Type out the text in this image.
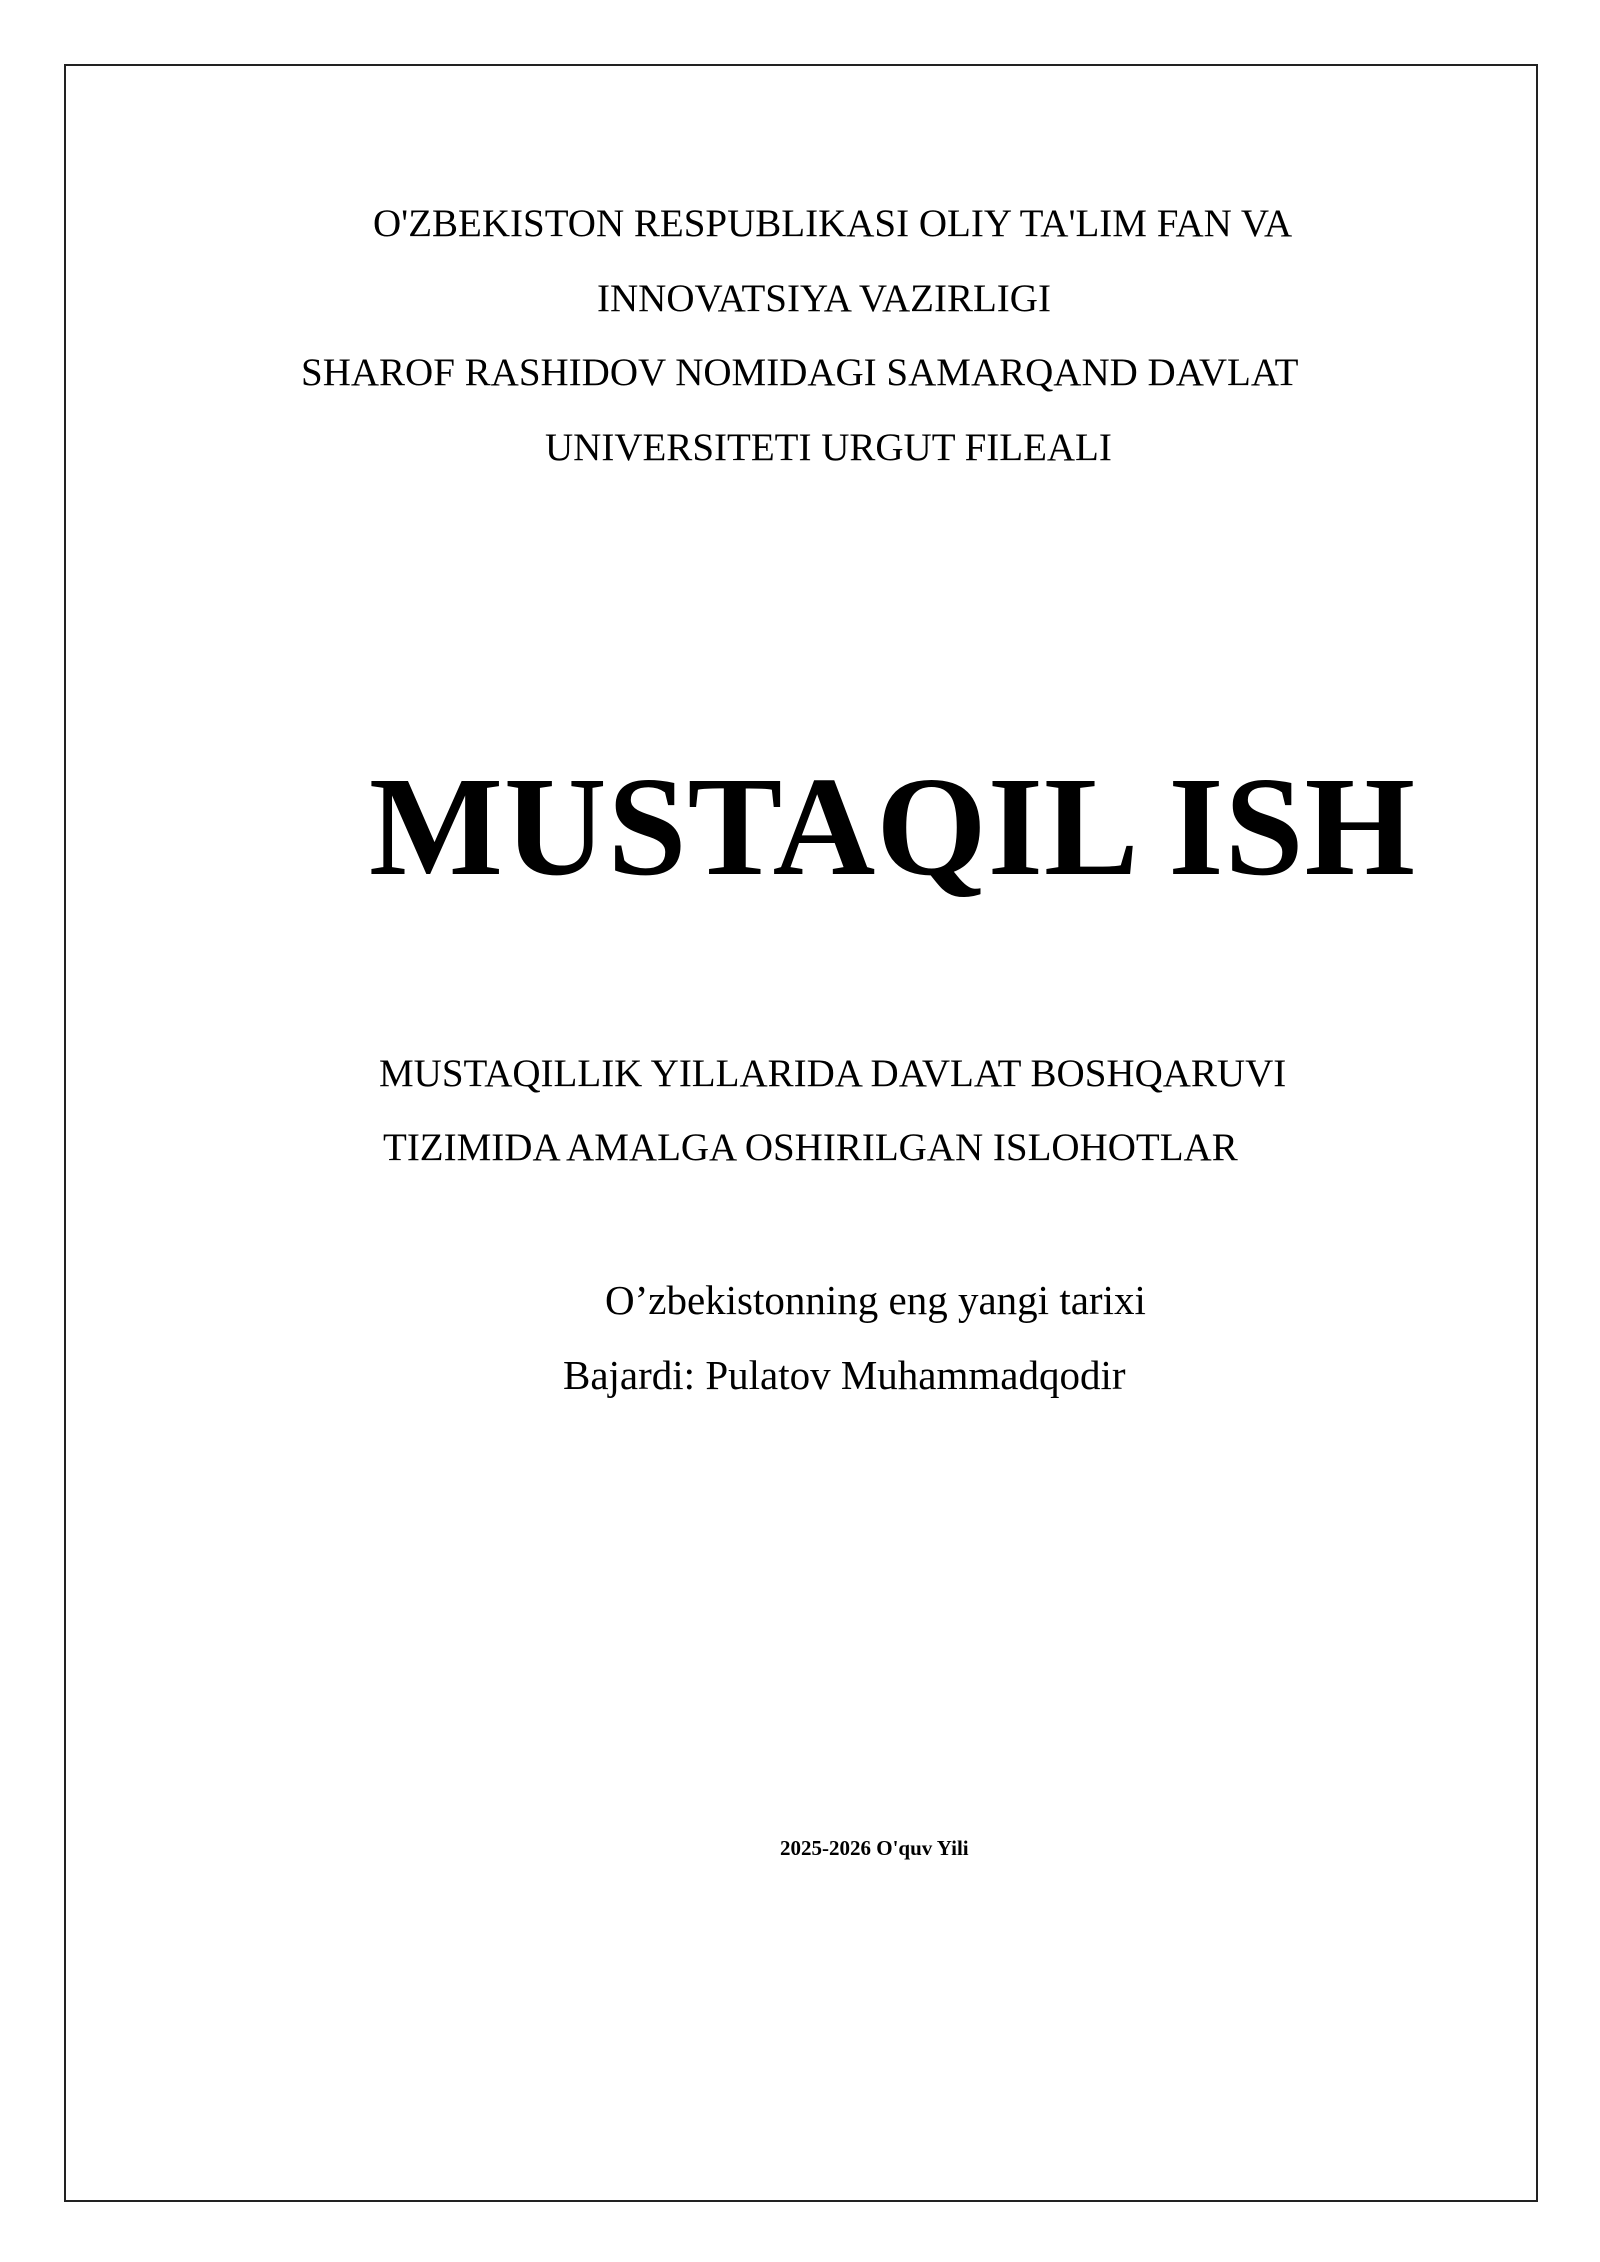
O'ZBEKISTON RESPUBLIKASI OLIY TA'LIM FAN VA
INNOVATSIYA VAZIRLIGI
SHAROF RASHIDOV NOMIDAGI SAMARQAND DAVLAT
UNIVERSITETI URGUT FILEALI
MUSTAQIL ISH
MUSTAQILLIK YILLARIDA DAVLAT BOSHQARUVI
TIZIMIDA AMALGA OSHIRILGAN ISLOHOTLAR
O’zbekistonning eng yangi tarixi
Bajardi: Pulatov Muhammadqodir
2025-2026 O'quv Yili
